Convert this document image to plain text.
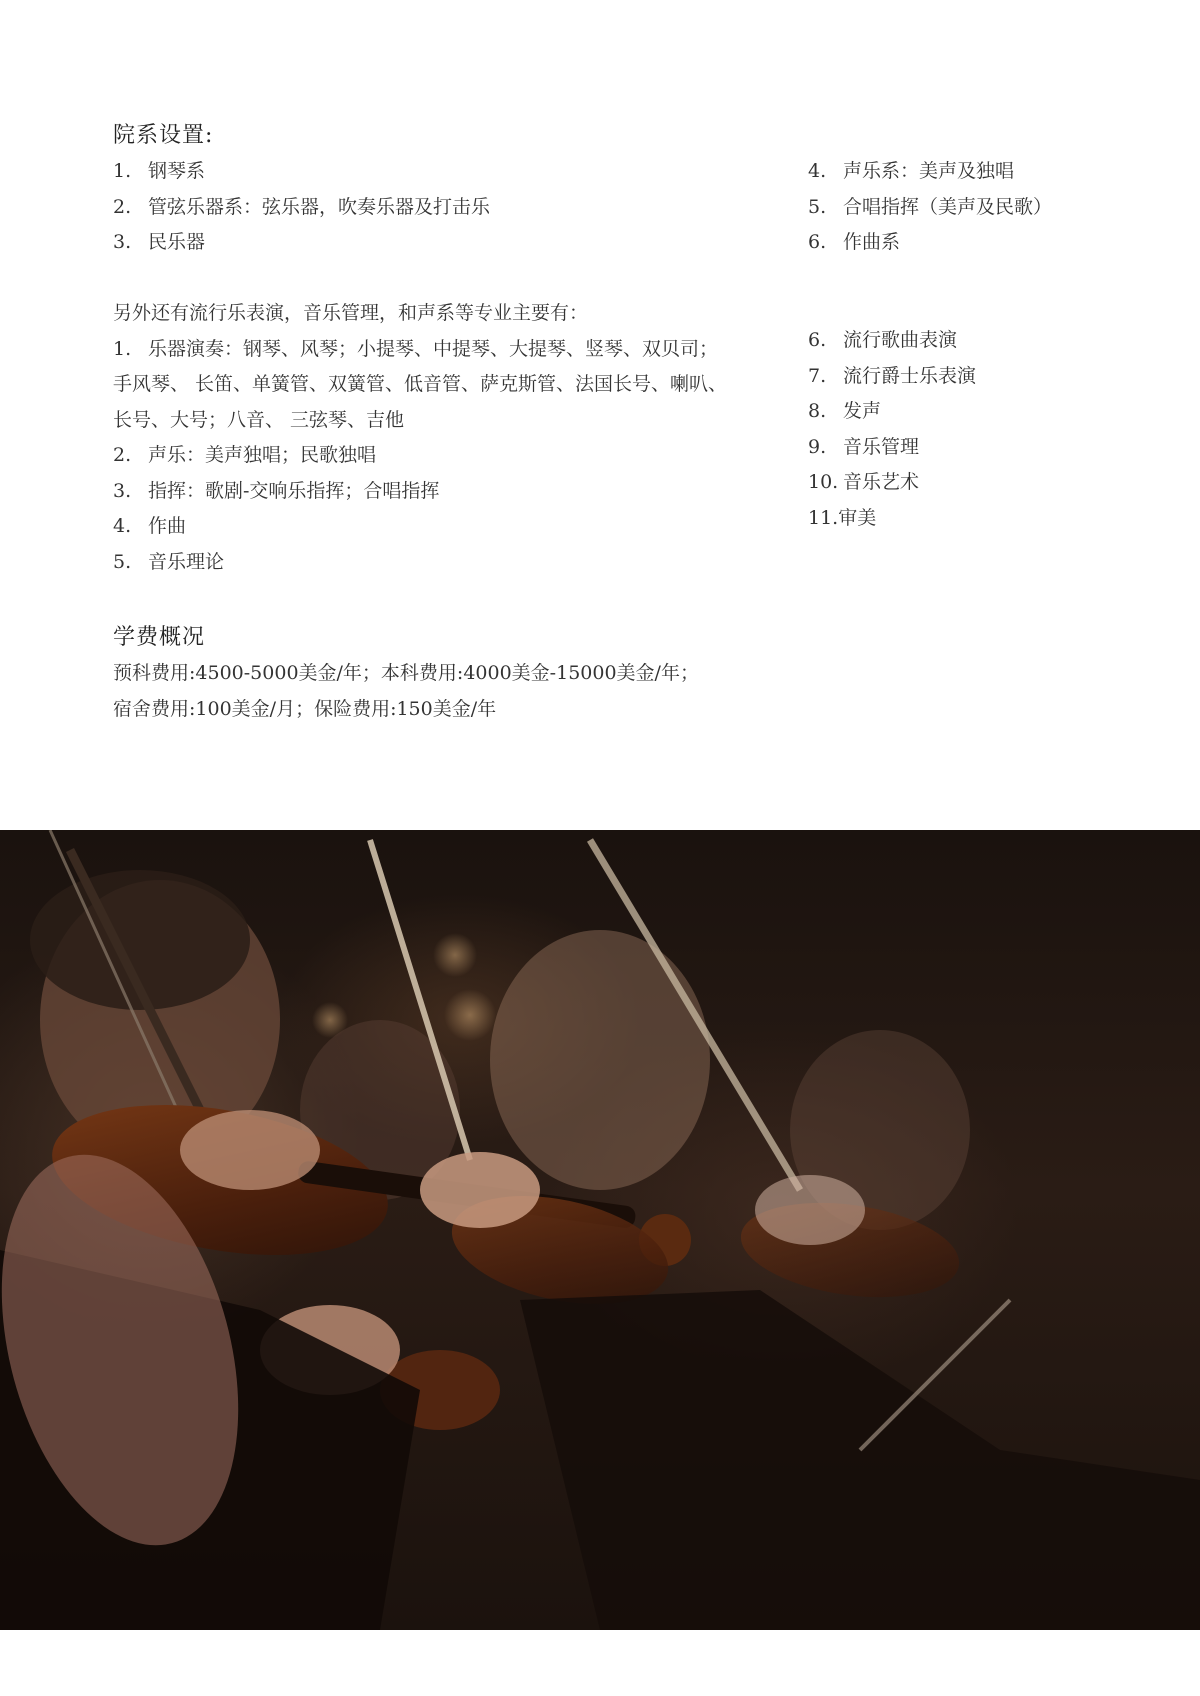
院系设置:
1. 钢琴系
2. 管弦乐器系：弦乐器，吹奏乐器及打击乐
3. 民乐器
4. 声乐系：美声及独唱
5. 合唱指挥（美声及民歌）
6. 作曲系
另外还有流行乐表演，音乐管理，和声系等专业主要有：
1. 乐器演奏：钢琴、风琴；小提琴、中提琴、大提琴、竖琴、双贝司；
手风琴、 长笛、单簧管、双簧管、低音管、萨克斯管、法国长号、喇叭、
长号、大号；八音、 三弦琴、吉他
2. 声乐：美声独唱；民歌独唱
3. 指挥：歌剧-交响乐指挥；合唱指挥
4. 作曲
5. 音乐理论
6. 流行歌曲表演
7. 流行爵士乐表演
8. 发声
9. 音乐管理
10. 音乐艺术
11.审美
学费概况
预科费用:4500-5000美金/年；本科费用:4000美金-15000美金/年；
宿舍费用:100美金/月；保险费用:150美金/年
